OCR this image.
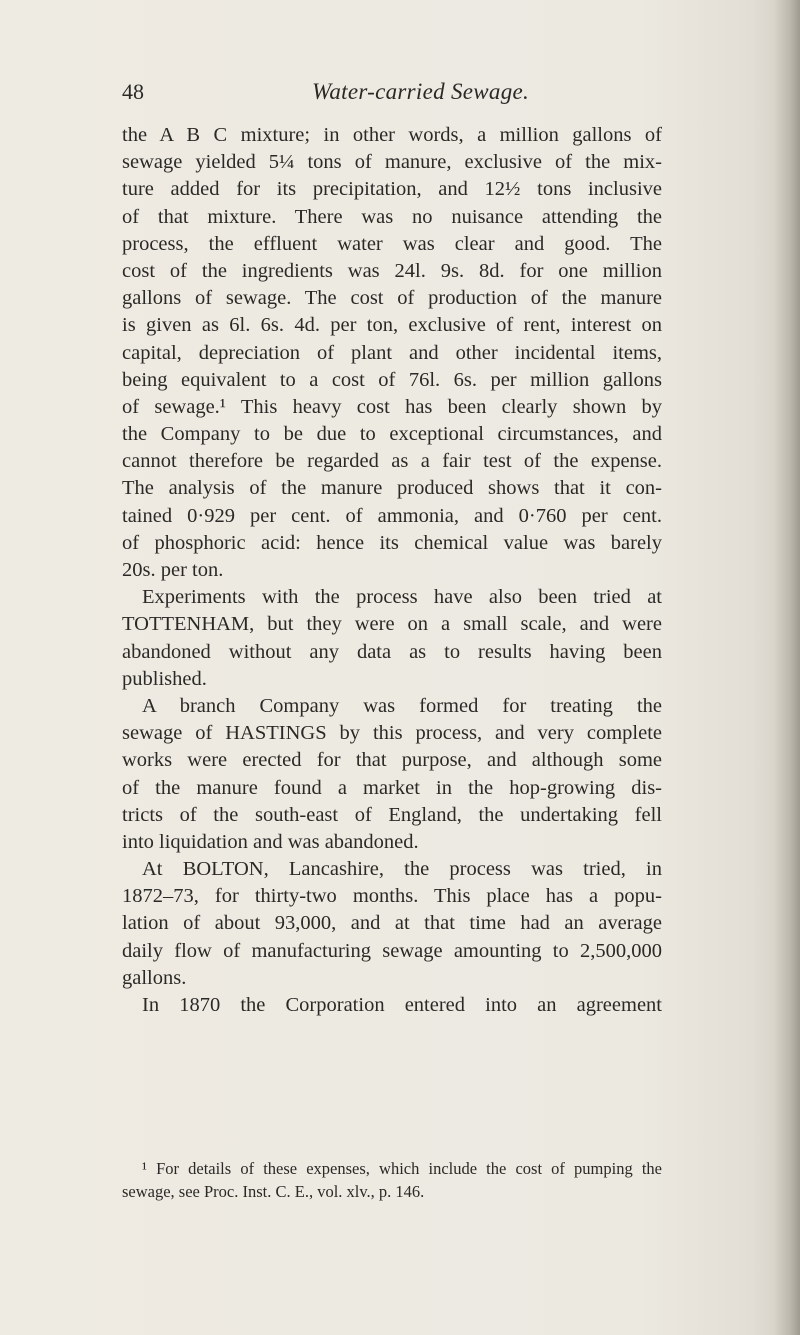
48	Water-carried Sewage.
the A B C mixture; in other words, a million gallons of
sewage yielded 5¼ tons of manure, exclusive of the mix-
ture added for its precipitation, and 12½ tons inclusive
of that mixture. There was no nuisance attending the
process, the effluent water was clear and good. The
cost of the ingredients was 24l. 9s. 8d. for one million
gallons of sewage. The cost of production of the manure
is given as 6l. 6s. 4d. per ton, exclusive of rent, interest on
capital, depreciation of plant and other incidental items,
being equivalent to a cost of 76l. 6s. per million gallons
of sewage.¹ This heavy cost has been clearly shown by
the Company to be due to exceptional circumstances, and
cannot therefore be regarded as a fair test of the expense.
The analysis of the manure produced shows that it con-
tained 0·929 per cent. of ammonia, and 0·760 per cent.
of phosphoric acid: hence its chemical value was barely
20s. per ton.
Experiments with the process have also been tried at
TOTTENHAM, but they were on a small scale, and were
abandoned without any data as to results having been
published.
A branch Company was formed for treating the
sewage of HASTINGS by this process, and very complete
works were erected for that purpose, and although some
of the manure found a market in the hop-growing dis-
tricts of the south-east of England, the undertaking fell
into liquidation and was abandoned.
At BOLTON, Lancashire, the process was tried, in
1872–73, for thirty-two months. This place has a popu-
lation of about 93,000, and at that time had an average
daily flow of manufacturing sewage amounting to 2,500,000
gallons.
In 1870 the Corporation entered into an agreement
¹ For details of these expenses, which include the cost of pumping the
sewage, see Proc. Inst. C. E., vol. xlv., p. 146.
